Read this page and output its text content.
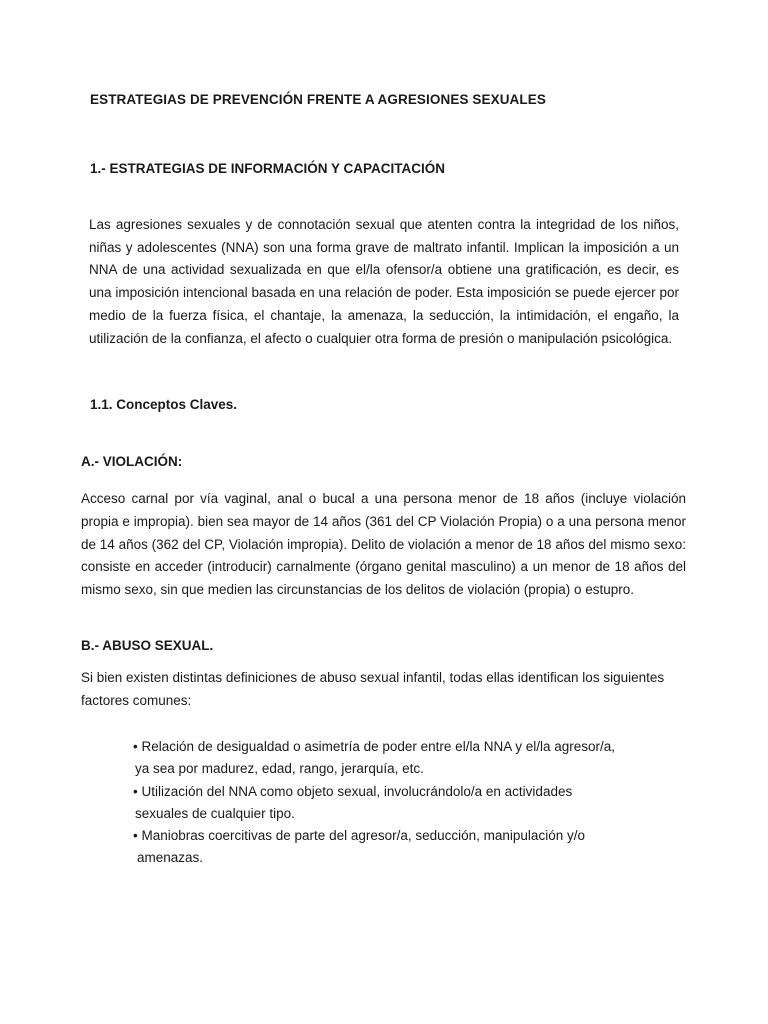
ESTRATEGIAS DE PREVENCIÓN FRENTE A AGRESIONES SEXUALES
1.- ESTRATEGIAS DE INFORMACIÓN Y CAPACITACIÓN

Las agresiones sexuales y de connotación sexual que atenten contra la integridad de los niños, niñas y adolescentes (NNA) son una forma grave de maltrato infantil. Implican la imposición a un NNA de una actividad sexualizada en que el/la ofensor/a obtiene una gratificación, es decir, es una imposición intencional basada en una relación de poder. Esta imposición se puede ejercer por medio de la fuerza física, el chantaje, la amenaza, la seducción, la intimidación, el engaño, la utilización de la confianza, el afecto o cualquier otra forma de presión o manipulación psicológica.

1.1. Conceptos Claves.
A.- VIOLACIÓN:

Acceso carnal por vía vaginal, anal o bucal a una persona menor de 18 años (incluye violación propia e impropia). bien sea mayor de 14 años (361 del CP Violación Propia) o a una persona menor de 14 años (362 del CP, Violación impropia). Delito de violación a menor de 18 años del mismo sexo: consiste en acceder (introducir) carnalmente (órgano genital masculino) a un menor de 18 años del mismo sexo, sin que medien las circunstancias de los delitos de violación (propia) o estupro.

B.- ABUSO SEXUAL.

Si bien existen distintas definiciones de abuso sexual infantil, todas ellas identifican los siguientes factores comunes:

• Relación de desigualdad o asimetría de poder entre el/la NNA y el/la agresor/a,
ya sea por madurez, edad, rango, jerarquía, etc.
• Utilización del NNA como objeto sexual, involucrándolo/a en actividades
sexuales de cualquier tipo.
• Maniobras coercitivas de parte del agresor/a, seducción, manipulación y/o
amenazas.
